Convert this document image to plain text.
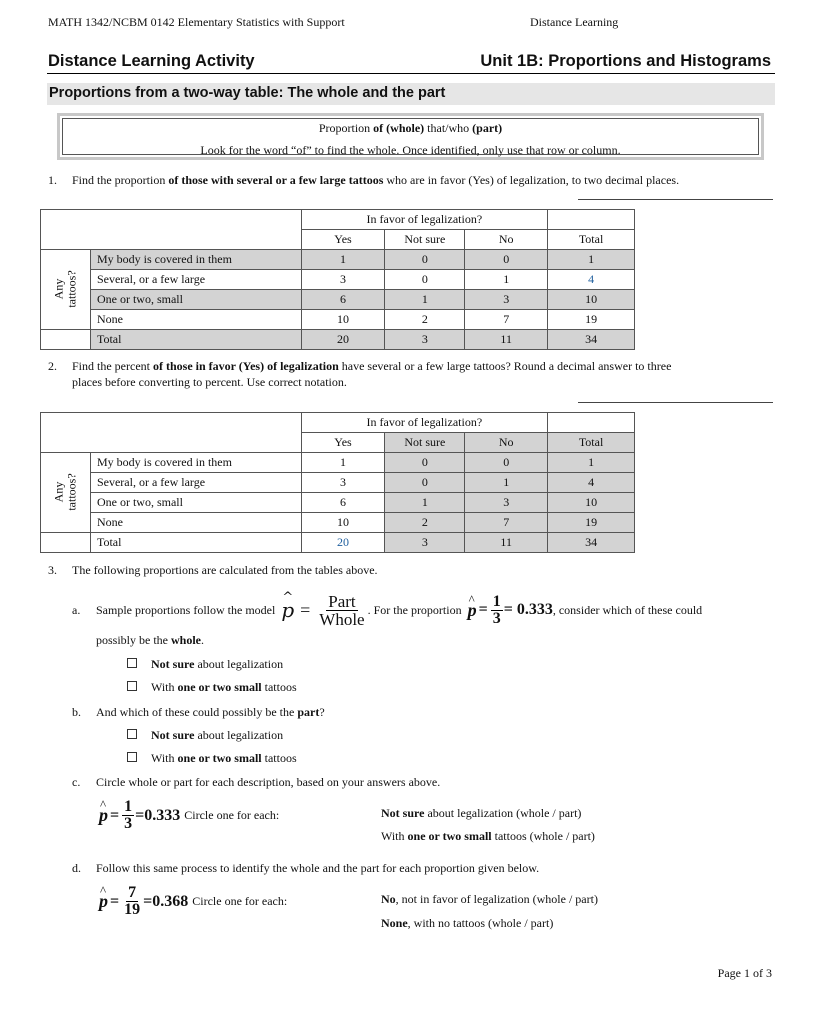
MATH 1342/NCBM 0142 Elementary Statistics with Support	Distance Learning
Distance Learning Activity	Unit 1B: Proportions and Histograms
Proportions from a two-way table: The whole and the part
Proportion of (whole) that/who (part)
Look for the word “of” to find the whole. Once identified, only use that row or column.
1. Find the proportion of those with several or a few large tattoos who are in favor (Yes) of legalization, to two decimal places.
		In favor of legalization?			
		Yes	Not sure	No	Total
Any
tattoos?	My body is covered in them	1	0	0	1
	Several, or a few large	3	0	1	4
	One or two, small	6	1	3	10
	None	10	2	7	19
	Total	20	3	11	34
2. Find the percent of those in favor (Yes) of legalization have several or a few large tattoos? Round a decimal answer to three
places before converting to percent. Use correct notation.
		In favor of legalization?			
		Yes	Not sure	No	Total
Any
tattoos?	My body is covered in them	1	0	0	1
	Several, or a few large	3	0	1	4
	One or two, small	6	1	3	10
	None	10	2	7	19
	Total	20	3	11	34
3. The following proportions are calculated from the tables above.
a. Sample proportions follow the model ^ $p = \frac{\text{Part}}{\text{Whole}}$ . For the proportion ^ $p = \frac{1}{3} = 0.333$ , consider which of these could
possibly be the whole.
Not sure about legalization
With one or two small tattoos
b. And which of these could possibly be the part?
Not sure about legalization
With one or two small tattoos
c. Circle whole or part for each description, based on your answers above.
^ $p = \frac{1}{3} =0.333$ Circle one for each:	Not sure about legalization (whole / part)
With one or two small tattoos (whole / part)
d. Follow this same process to identify the whole and the part for each proportion given below.
^ $p = \frac{7}{19} =0.368$ Circle one for each:	No, not in favor of legalization (whole / part)
None, with no tattoos (whole / part)
Page 1 of 3
